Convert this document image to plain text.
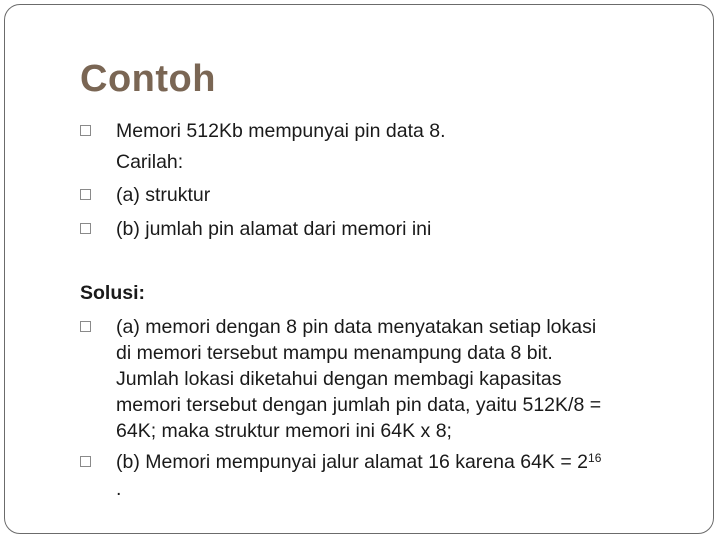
Contoh
Memori 512Kb mempunyai pin data 8.
Carilah:
(a) struktur
(b) jumlah pin alamat dari memori ini
Solusi:
(a) memori dengan 8 pin data menyatakan setiap lokasi
di memori tersebut mampu menampung data 8 bit.
Jumlah lokasi diketahui dengan membagi kapasitas
memori tersebut dengan jumlah pin data, yaitu 512K/8 =
64K; maka struktur memori ini 64K x 8;
(b) Memori mempunyai jalur alamat 16 karena $64K = 2^{16}$
.
